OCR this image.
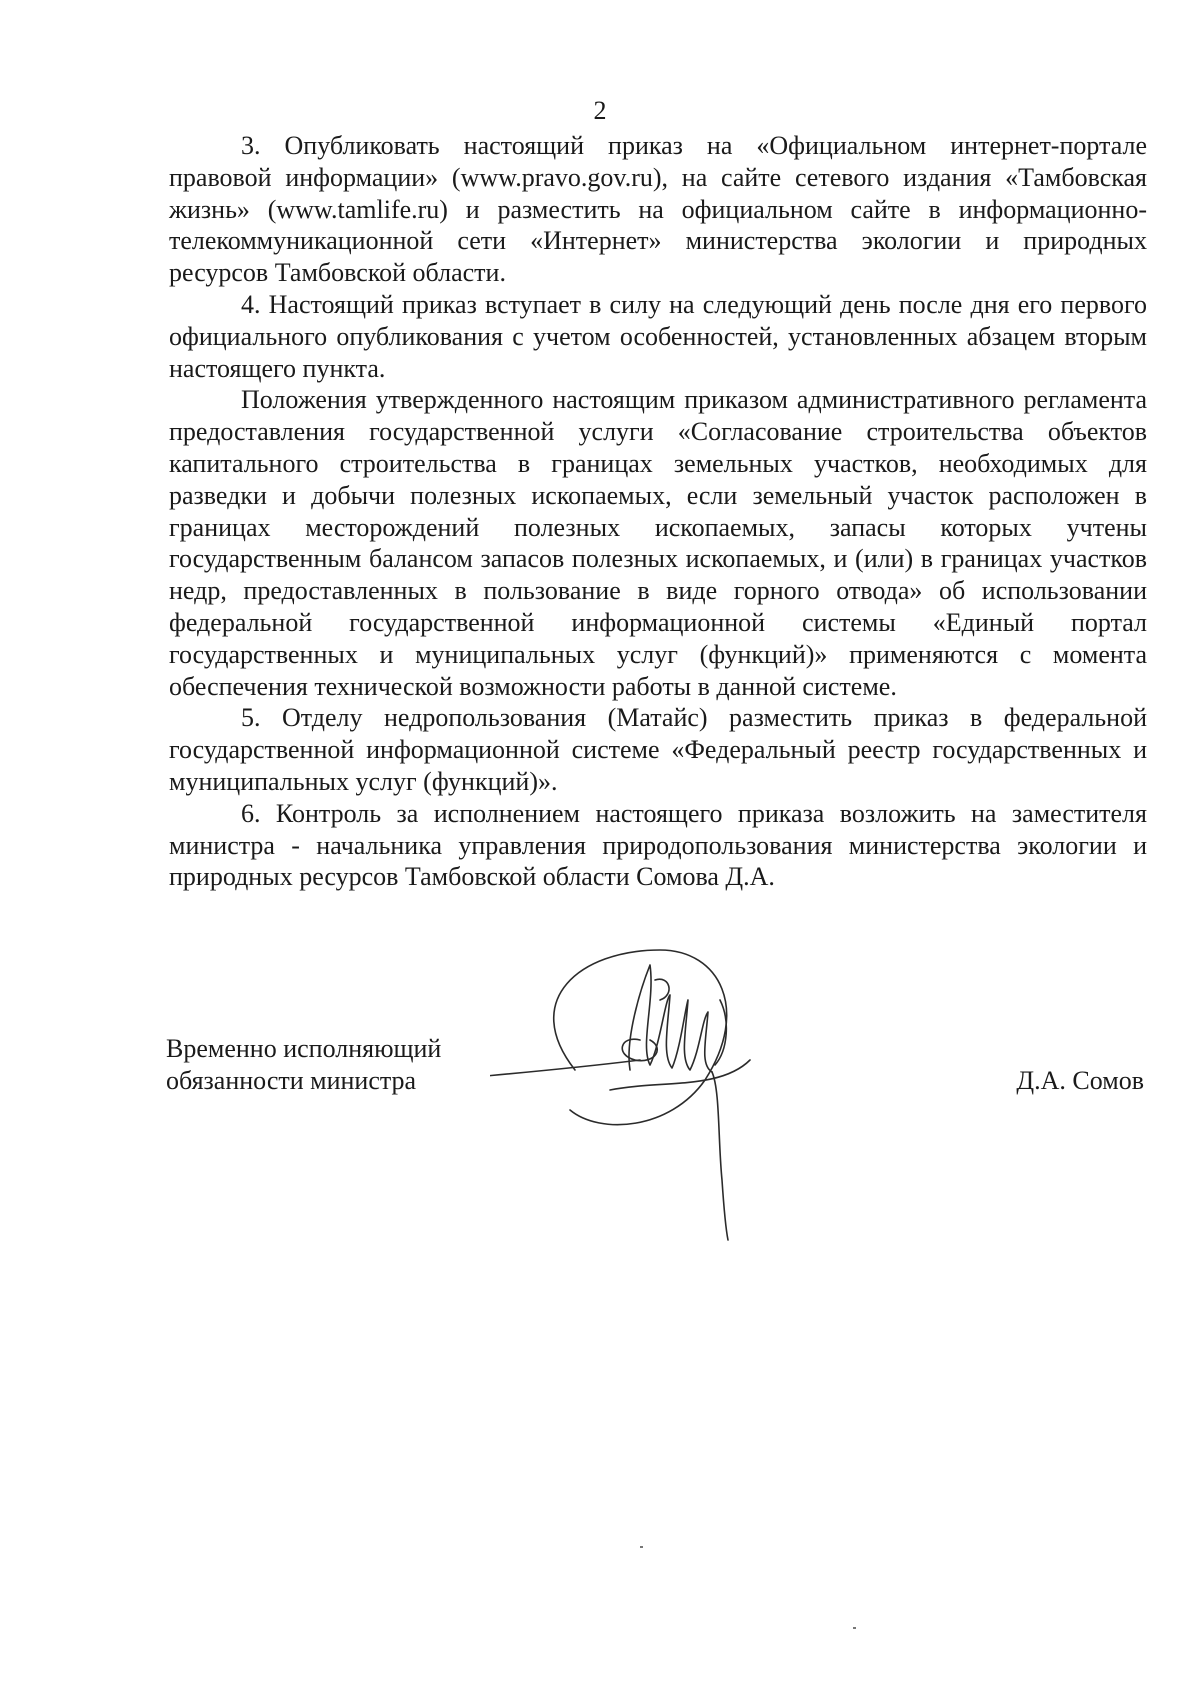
2

3. Опубликовать настоящий приказ на «Официальном интернет-портале правовой информации» (www.pravo.gov.ru), на сайте сетевого издания «Тамбовская жизнь» (www.tamlife.ru) и разместить на официальном сайте в информационно-телекоммуникационной сети «Интернет» министерства экологии и природных ресурсов Тамбовской области.

4. Настоящий приказ вступает в силу на следующий день после дня его первого официального опубликования с учетом особенностей, установленных абзацем вторым настоящего пункта.

Положения утвержденного настоящим приказом административного регламента предоставления государственной услуги «Согласование строительства объектов капитального строительства в границах земельных участков, необходимых для разведки и добычи полезных ископаемых, если земельный участок расположен в границах месторождений полезных ископаемых, запасы которых учтены государственным балансом запасов полезных ископаемых, и (или) в границах участков недр, предоставленных в пользование в виде горного отвода» об использовании федеральной государственной информационной системы «Единый портал государственных и муниципальных услуг (функций)» применяются с момента обеспечения технической возможности работы в данной системе.

5. Отделу недропользования (Матайс) разместить приказ в федеральной государственной информационной системе «Федеральный реестр государственных и муниципальных услуг (функций)».

6. Контроль за исполнением настоящего приказа возложить на заместителя министра - начальника управления природопользования министерства экологии и природных ресурсов Тамбовской области Сомова Д.А.

Временно исполняющий
обязанности министра	Д.А. Сомов
